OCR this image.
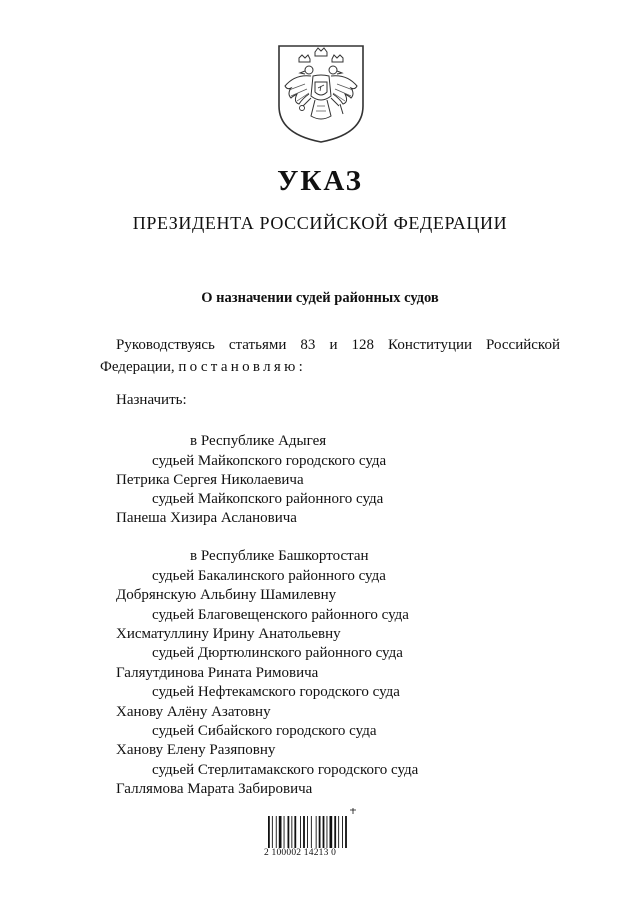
УКАЗ
ПРЕЗИДЕНТА РОССИЙСКОЙ ФЕДЕРАЦИИ
О назначении судей районных судов
Руководствуясь статьями 83 и 128 Конституции Российской
Федерации, постановляю:
Назначить:
в Республике Адыгея
судьей Майкопского городского суда
Петрика Сергея Николаевича
судьей Майкопского районного суда
Панеша Хизира Аслановича
в Республике Башкортостан
судьей Бакалинского районного суда
Добрянскую Альбину Шамилевну
судьей Благовещенского районного суда
Хисматуллину Ирину Анатольевну
судьей Дюртюлинского районного суда
Галяутдинова Рината Римовича
судьей Нефтекамского городского суда
Ханову Алёну Азатовну
судьей Сибайского городского суда
Ханову Елену Разяповну
судьей Стерлитамакского городского суда
Галлямова Марата Забировича
2 100002 14213 0
